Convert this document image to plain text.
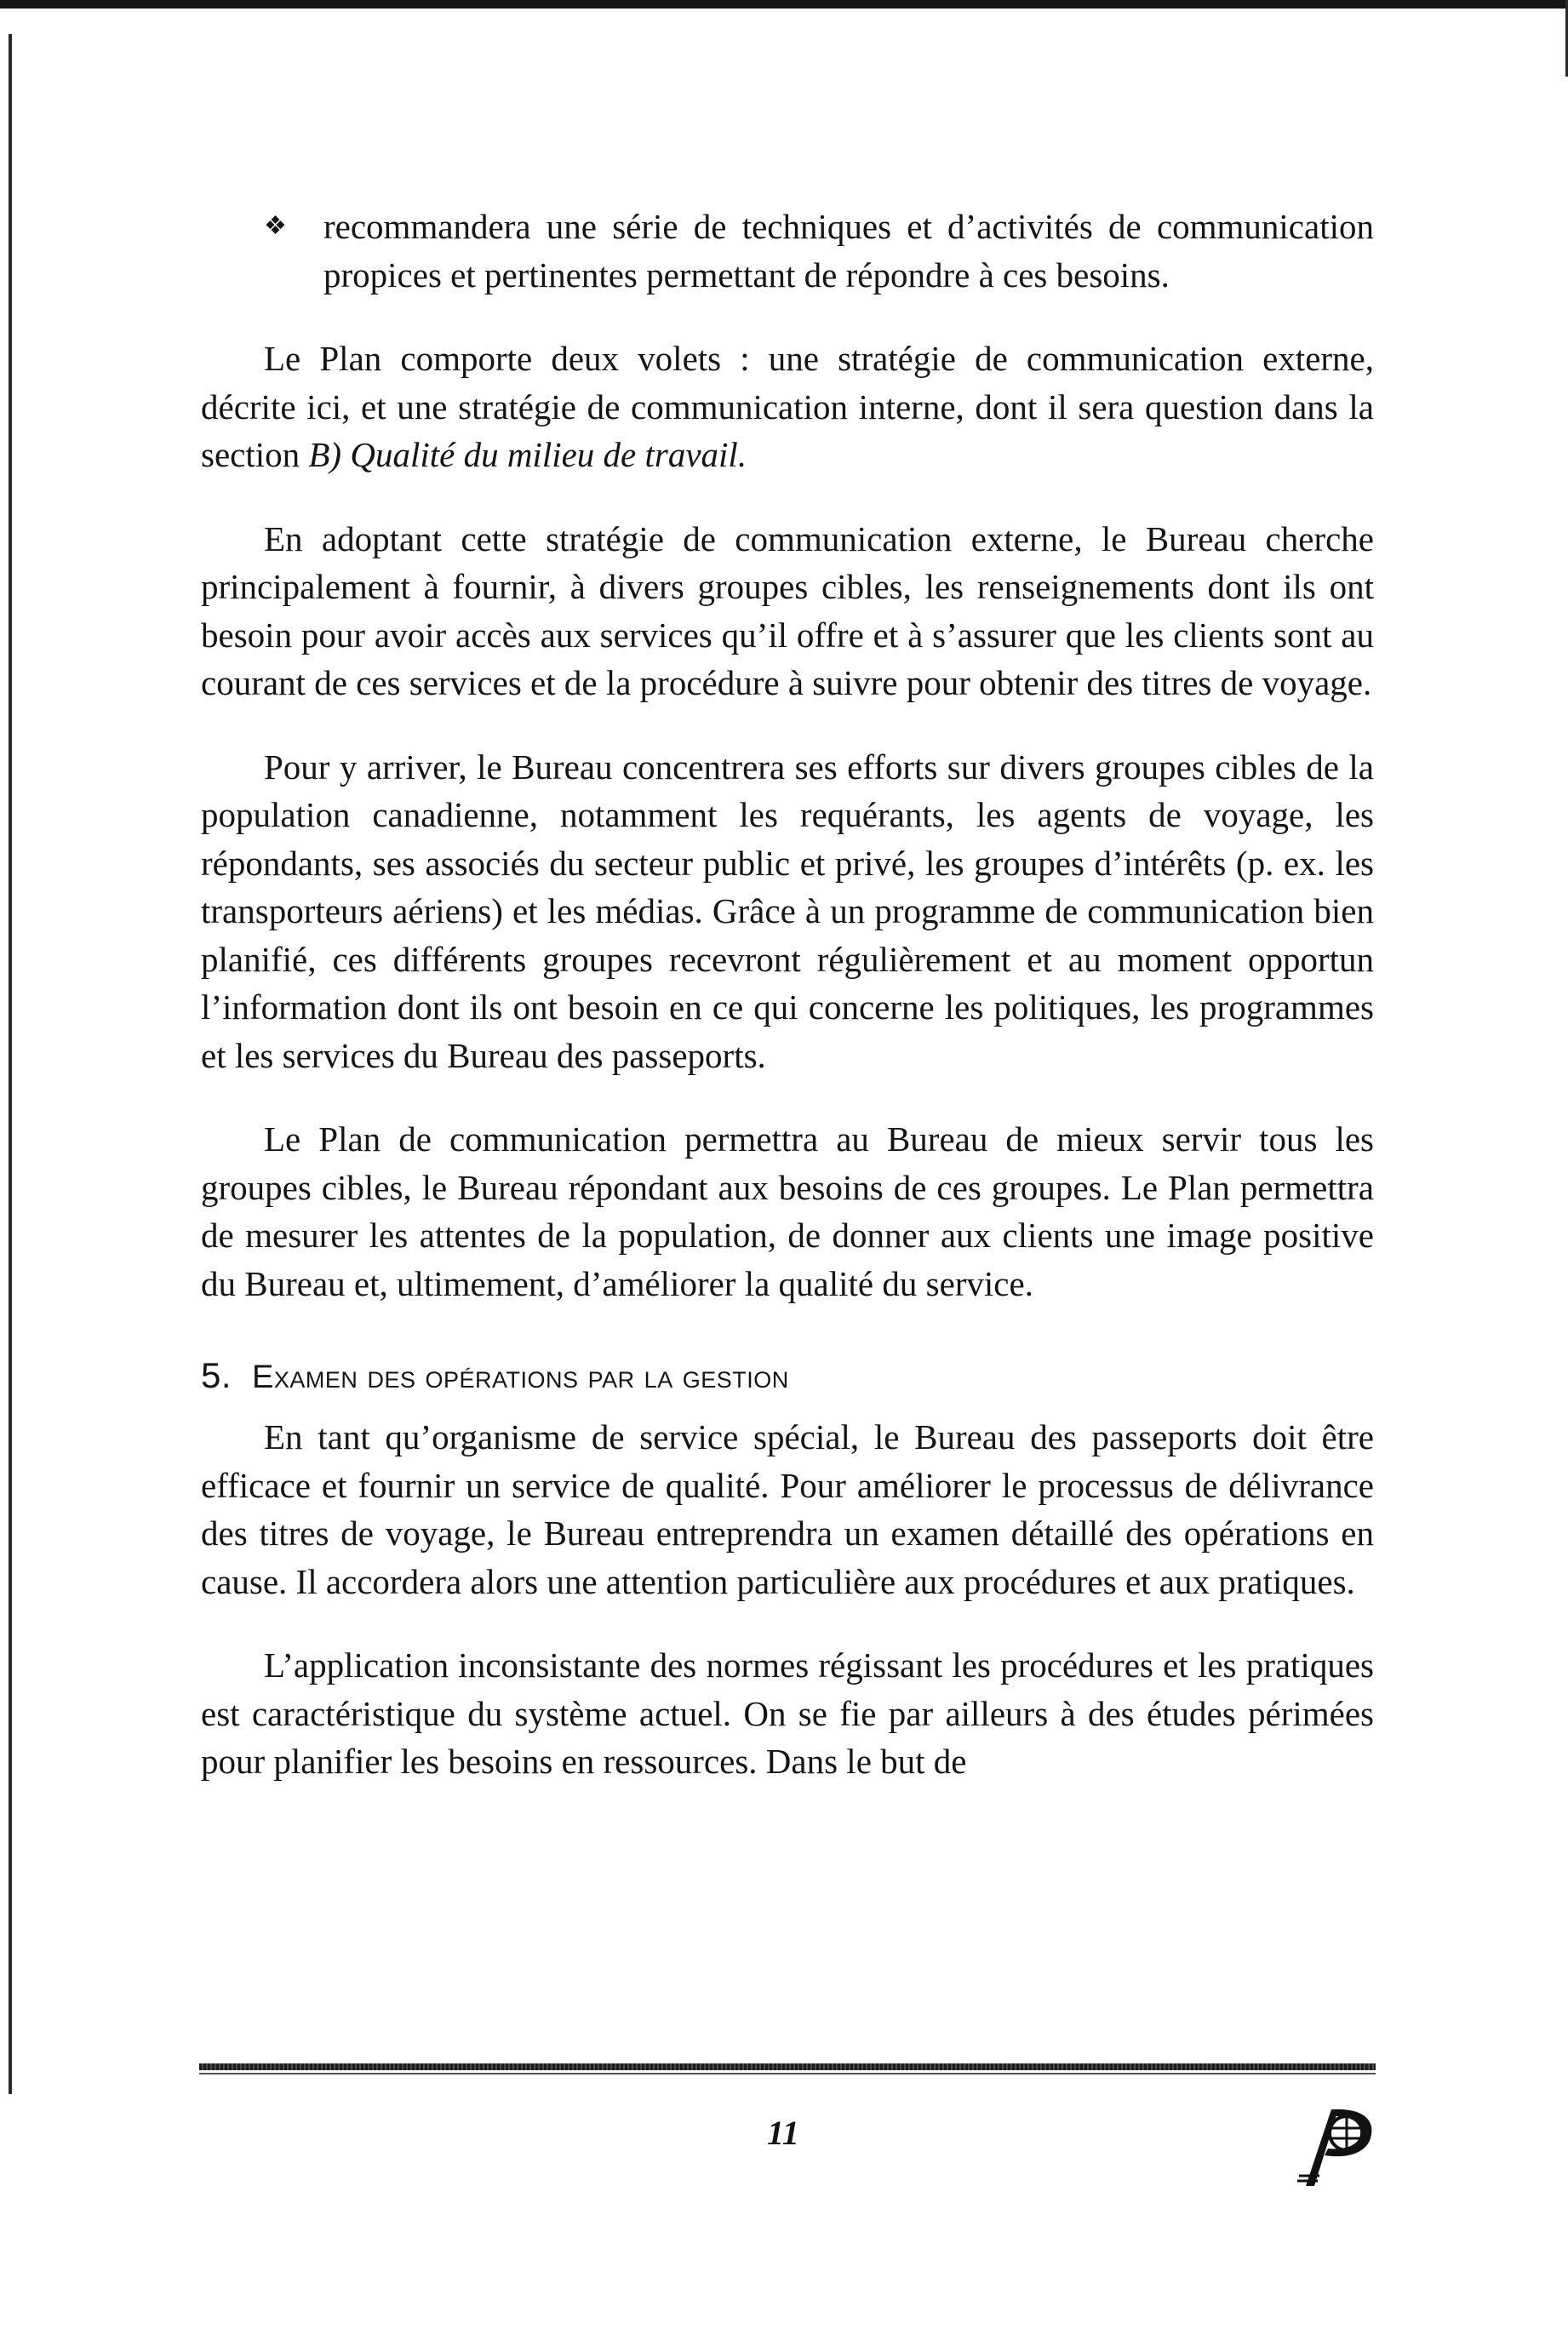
❖	recommandera une série de techniques et d’activités de communication propices et pertinentes permettant de répondre à ces besoins.

Le Plan comporte deux volets : une stratégie de communication externe, décrite ici, et une stratégie de communication interne, dont il sera question dans la section B) Qualité du milieu de travail.

En adoptant cette stratégie de communication externe, le Bureau cherche principalement à fournir, à divers groupes cibles, les renseignements dont ils ont besoin pour avoir accès aux services qu’il offre et à s’assurer que les clients sont au courant de ces services et de la procédure à suivre pour obtenir des titres de voyage.

Pour y arriver, le Bureau concentrera ses efforts sur divers groupes cibles de la population canadienne, notamment les requérants, les agents de voyage, les répondants, ses associés du secteur public et privé, les groupes d’intérêts (p. ex. les transporteurs aériens) et les médias. Grâce à un programme de communication bien planifié, ces différents groupes recevront régulièrement et au moment opportun l’information dont ils ont besoin en ce qui concerne les politiques, les programmes et les services du Bureau des passeports.

Le Plan de communication permettra au Bureau de mieux servir tous les groupes cibles, le Bureau répondant aux besoins de ces groupes. Le Plan permettra de mesurer les attentes de la population, de donner aux clients une image positive du Bureau et, ultimement, d’améliorer la qualité du service.

5. Examen des opérations par la gestion

En tant qu’organisme de service spécial, le Bureau des passeports doit être efficace et fournir un service de qualité. Pour améliorer le processus de délivrance des titres de voyage, le Bureau entreprendra un examen détaillé des opérations en cause. Il accordera alors une attention particulière aux procédures et aux pratiques.

L’application inconsistante des normes régissant les procédures et les pratiques est caractéristique du système actuel. On se fie par ailleurs à des études périmées pour planifier les besoins en ressources. Dans le but de

11
